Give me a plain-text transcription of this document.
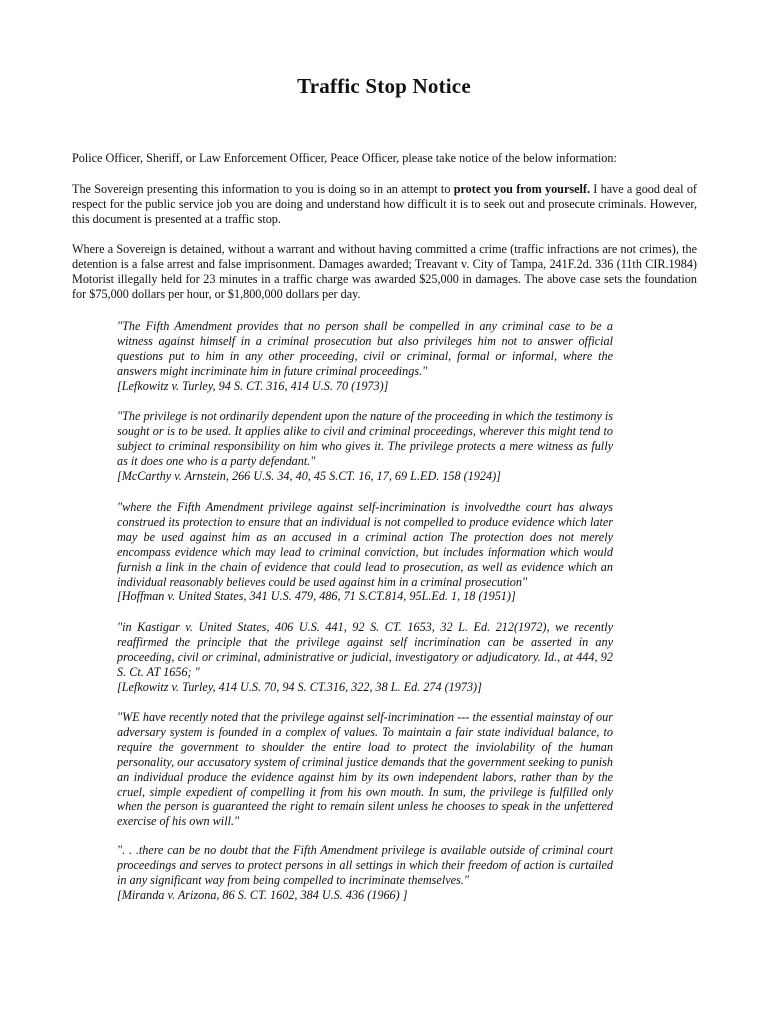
Traffic Stop Notice

Police Officer, Sheriff, or Law Enforcement Officer, Peace Officer, please take notice of the below information:

The Sovereign presenting this information to you is doing so in an attempt to protect you from yourself. I have a good deal of respect for the public service job you are doing and understand how difficult it is to seek out and prosecute criminals. However, this document is presented at a traffic stop.

Where a Sovereign is detained, without a warrant and without having committed a crime (traffic infractions are not crimes), the detention is a false arrest and false imprisonment. Damages awarded; Treavant v. City of Tampa, 241F.2d. 336 (11th CIR.1984) Motorist illegally held for 23 minutes in a traffic charge was awarded $25,000 in damages. The above case sets the foundation for $75,000 dollars per hour, or $1,800,000 dollars per day.

"The Fifth Amendment provides that no person shall be compelled in any criminal case to be a witness against himself in a criminal prosecution but also privileges him not to answer official questions put to him in any other proceeding, civil or criminal, formal or informal, where the answers might incriminate him in future criminal proceedings."
[Lefkowitz v. Turley, 94 S. CT. 316, 414 U.S. 70 (1973)]
"The privilege is not ordinarily dependent upon the nature of the proceeding in which the testimony is sought or is to be used. It applies alike to civil and criminal proceedings, wherever this might tend to subject to criminal responsibility on him who gives it. The privilege protects a mere witness as fully as it does one who is a party defendant."
[McCarthy v. Arnstein, 266 U.S. 34, 40, 45 S.CT. 16, 17, 69 L.ED. 158 (1924)]
"where the Fifth Amendment privilege against self-incrimination is involvedthe court has always construed its protection to ensure that an individual is not compelled to produce evidence which later may be used against him as an accused in a criminal action The protection does not merely encompass evidence which may lead to criminal conviction, but includes information which would furnish a link in the chain of evidence that could lead to prosecution, as well as evidence which an individual reasonably believes could be used against him in a criminal prosecution"
[Hoffman v. United States, 341 U.S. 479, 486, 71 S.CT.814, 95L.Ed. 1, 18 (1951)]
"in Kastigar v. United States, 406 U.S. 441, 92 S. CT. 1653, 32 L. Ed. 212(1972), we recently reaffirmed the principle that the privilege against self incrimination can be asserted in any proceeding, civil or criminal, administrative or judicial, investigatory or adjudicatory. Id., at 444, 92 S. Ct. AT 1656; "
[Lefkowitz v. Turley, 414 U.S. 70, 94 S. CT.316, 322, 38 L. Ed. 274 (1973)]
"WE have recently noted that the privilege against self-incrimination --- the essential mainstay of our adversary system is founded in a complex of values. To maintain a fair state individual balance, to require the government to shoulder the entire load to protect the inviolability of the human personality, our accusatory system of criminal justice demands that the government seeking to punish an individual produce the evidence against him by its own independent labors, rather than by the cruel, simple expedient of compelling it from his own mouth. In sum, the privilege is fulfilled only when the person is guaranteed the right to remain silent unless he chooses to speak in the unfettered exercise of his own will."
". . .there can be no doubt that the Fifth Amendment privilege is available outside of criminal court proceedings and serves to protect persons in all settings in which their freedom of action is curtailed in any significant way from being compelled to incriminate themselves."
[Miranda v. Arizona, 86 S. CT. 1602, 384 U.S. 436 (1966) ]
